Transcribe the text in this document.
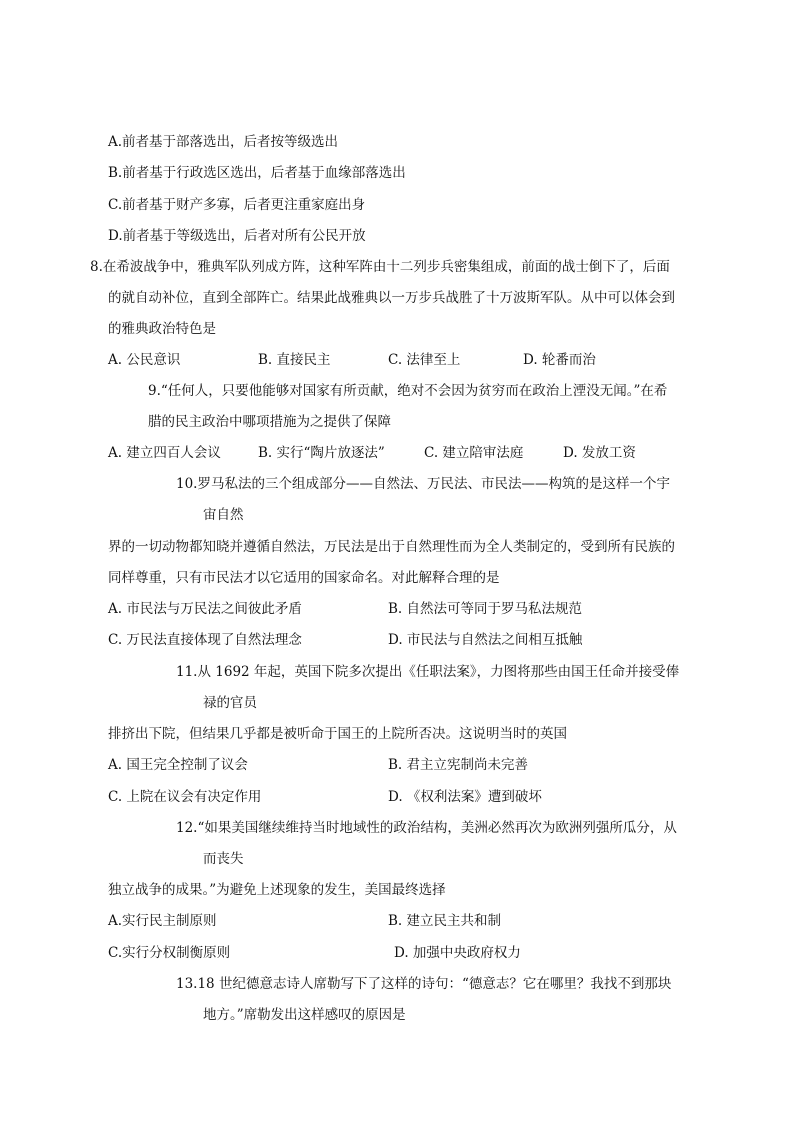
A.前者基于部落选出，后者按等级选出
B.前者基于行政选区选出，后者基于血缘部落选出
C.前者基于财产多寡，后者更注重家庭出身
D.前者基于等级选出，后者对所有公民开放
8.在希波战争中，雅典军队列成方阵，这种军阵由十二列步兵密集组成，前面的战士倒下了，后面
的就自动补位，直到全部阵亡。结果此战雅典以一万步兵战胜了十万波斯军队。从中可以体会到
的雅典政治特色是
A. 公民意识	B. 直接民主	C. 法律至上	D. 轮番而治
9.“任何人，只要他能够对国家有所贡献，绝对不会因为贫穷而在政治上湮没无闻。”在希
腊的民主政治中哪项措施为之提供了保障
A. 建立四百人会议	B. 实行“陶片放逐法”	C. 建立陪审法庭	D. 发放工资
10.罗马私法的三个组成部分——自然法、万民法、市民法——构筑的是这样一个宇
宙自然
界的一切动物都知晓并遵循自然法，万民法是出于自然理性而为全人类制定的，受到所有民族的
同样尊重，只有市民法才以它适用的国家命名。对此解释合理的是
A. 市民法与万民法之间彼此矛盾	B. 自然法可等同于罗马私法规范
C. 万民法直接体现了自然法理念	D. 市民法与自然法之间相互抵触
11.从 1692 年起，英国下院多次提出《任职法案》，力图将那些由国王任命并接受俸
禄的官员
排挤出下院，但结果几乎都是被听命于国王的上院所否决。这说明当时的英国
A. 国王完全控制了议会	B. 君主立宪制尚未完善
C. 上院在议会有决定作用	D. 《权利法案》遭到破坏
12.“如果美国继续维持当时地域性的政治结构，美洲必然再次为欧洲列强所瓜分，从
而丧失
独立战争的成果。”为避免上述现象的发生，美国最终选择
A.实行民主制原则	B. 建立民主共和制
C.实行分权制衡原则	D. 加强中央政府权力
13.18 世纪德意志诗人席勒写下了这样的诗句：“德意志？它在哪里？我找不到那块
地方。”席勒发出这样感叹的原因是
